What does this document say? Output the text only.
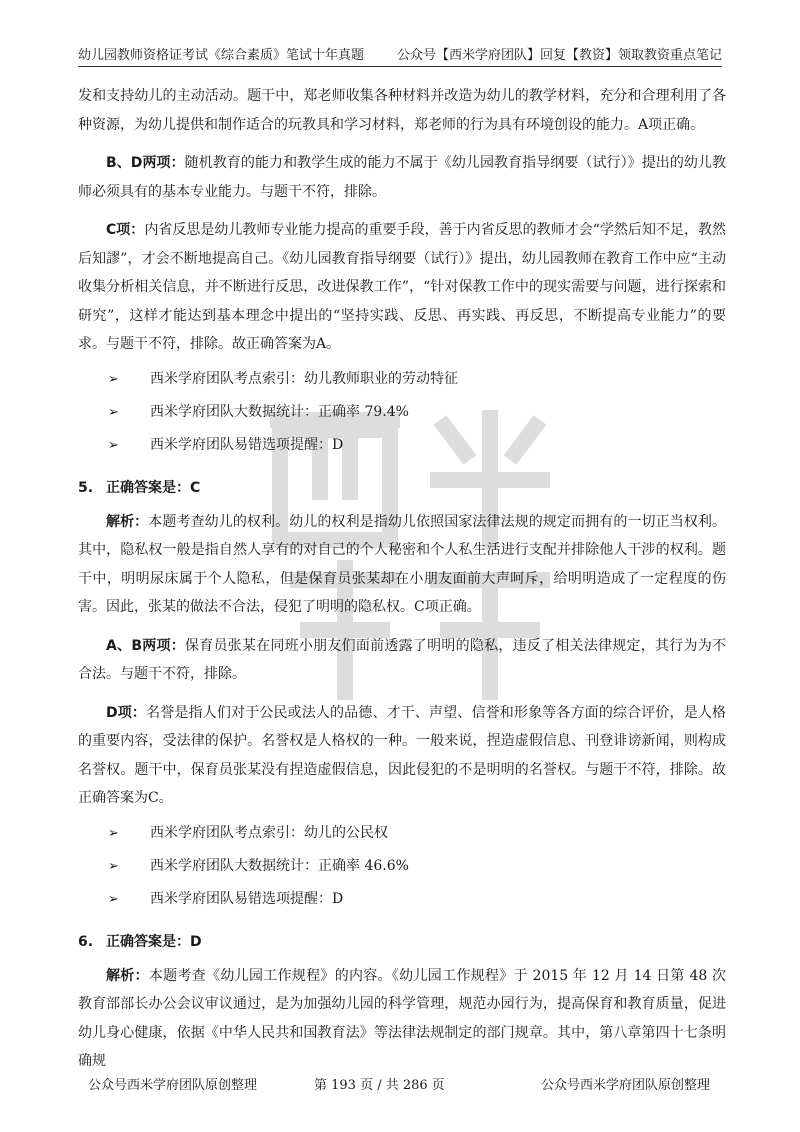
幼儿园教师资格证考试《综合素质》笔试十年真题	公众号【西米学府团队】回复【教资】领取教资重点笔记

发和支持幼儿的主动活动。题干中，郑老师收集各种材料并改造为幼儿的教学材料，充分和合理利用了各种资源，为幼儿提供和制作适合的玩教具和学习材料，郑老师的行为具有环境创设的能力。A项正确。

B、D两项：随机教育的能力和教学生成的能力不属于《幼儿园教育指导纲要（试行）》提出的幼儿教师必须具有的基本专业能力。与题干不符，排除。

C项：内省反思是幼儿教师专业能力提高的重要手段，善于内省反思的教师才会“学然后知不足，教然后知謬”，才会不断地提高自己。《幼儿园教育指导纲要（试行）》提出，幼儿园教师在教育工作中应“主动收集分析相关信息，并不断进行反思，改进保教工作”，“针对保教工作中的现实需要与问题，进行探索和研究”，这样才能达到基本理念中提出的“坚持实践、反思、再实践、再反思，不断提高专业能力”的要求。与题干不符，排除。故正确答案为A。

➢ 西米学府团队考点索引：幼儿教师职业的劳动特征
➢ 西米学府团队大数据统计：正确率 79.4%
➢ 西米学府团队易错选项提醒：D

5. 正确答案是：C

解析：本题考查幼儿的权利。幼儿的权利是指幼儿依照国家法律法规的规定而拥有的一切正当权利。其中，隐私权一般是指自然人享有的对自己的个人秘密和个人私生活进行支配并排除他人干涉的权利。题干中，明明尿床属于个人隐私，但是保育员张某却在小朋友面前大声呵斥，给明明造成了一定程度的伤害。因此，张某的做法不合法，侵犯了明明的隐私权。C项正确。

A、B两项：保育员张某在同班小朋友们面前透露了明明的隐私，违反了相关法律规定，其行为为不合法。与题干不符，排除。

D项：名誉是指人们对于公民或法人的品德、才干、声望、信誉和形象等各方面的综合评价，是人格的重要内容，受法律的保护。名誉权是人格权的一种。一般来说，捏造虚假信息、刊登诽谤新闻，则构成名誉权。题干中，保育员张某没有捏造虚假信息，因此侵犯的不是明明的名誉权。与题干不符，排除。故正确答案为C。

➢ 西米学府团队考点索引：幼儿的公民权
➢ 西米学府团队大数据统计：正确率 46.6%
➢ 西米学府团队易错选项提醒：D

6. 正确答案是：D

解析：本题考查《幼儿园工作规程》的内容。《幼儿园工作规程》于 2015 年 12 月 14 日第 48 次教育部部长办公会议审议通过，是为加强幼儿园的科学管理，规范办园行为，提高保育和教育质量，促进幼儿身心健康，依据《中华人民共和国教育法》等法律法规制定的部门规章。其中，第八章第四十七条明确规

公众号西米学府团队原创整理	第 193 页 / 共 286 页	公众号西米学府团队原创整理
